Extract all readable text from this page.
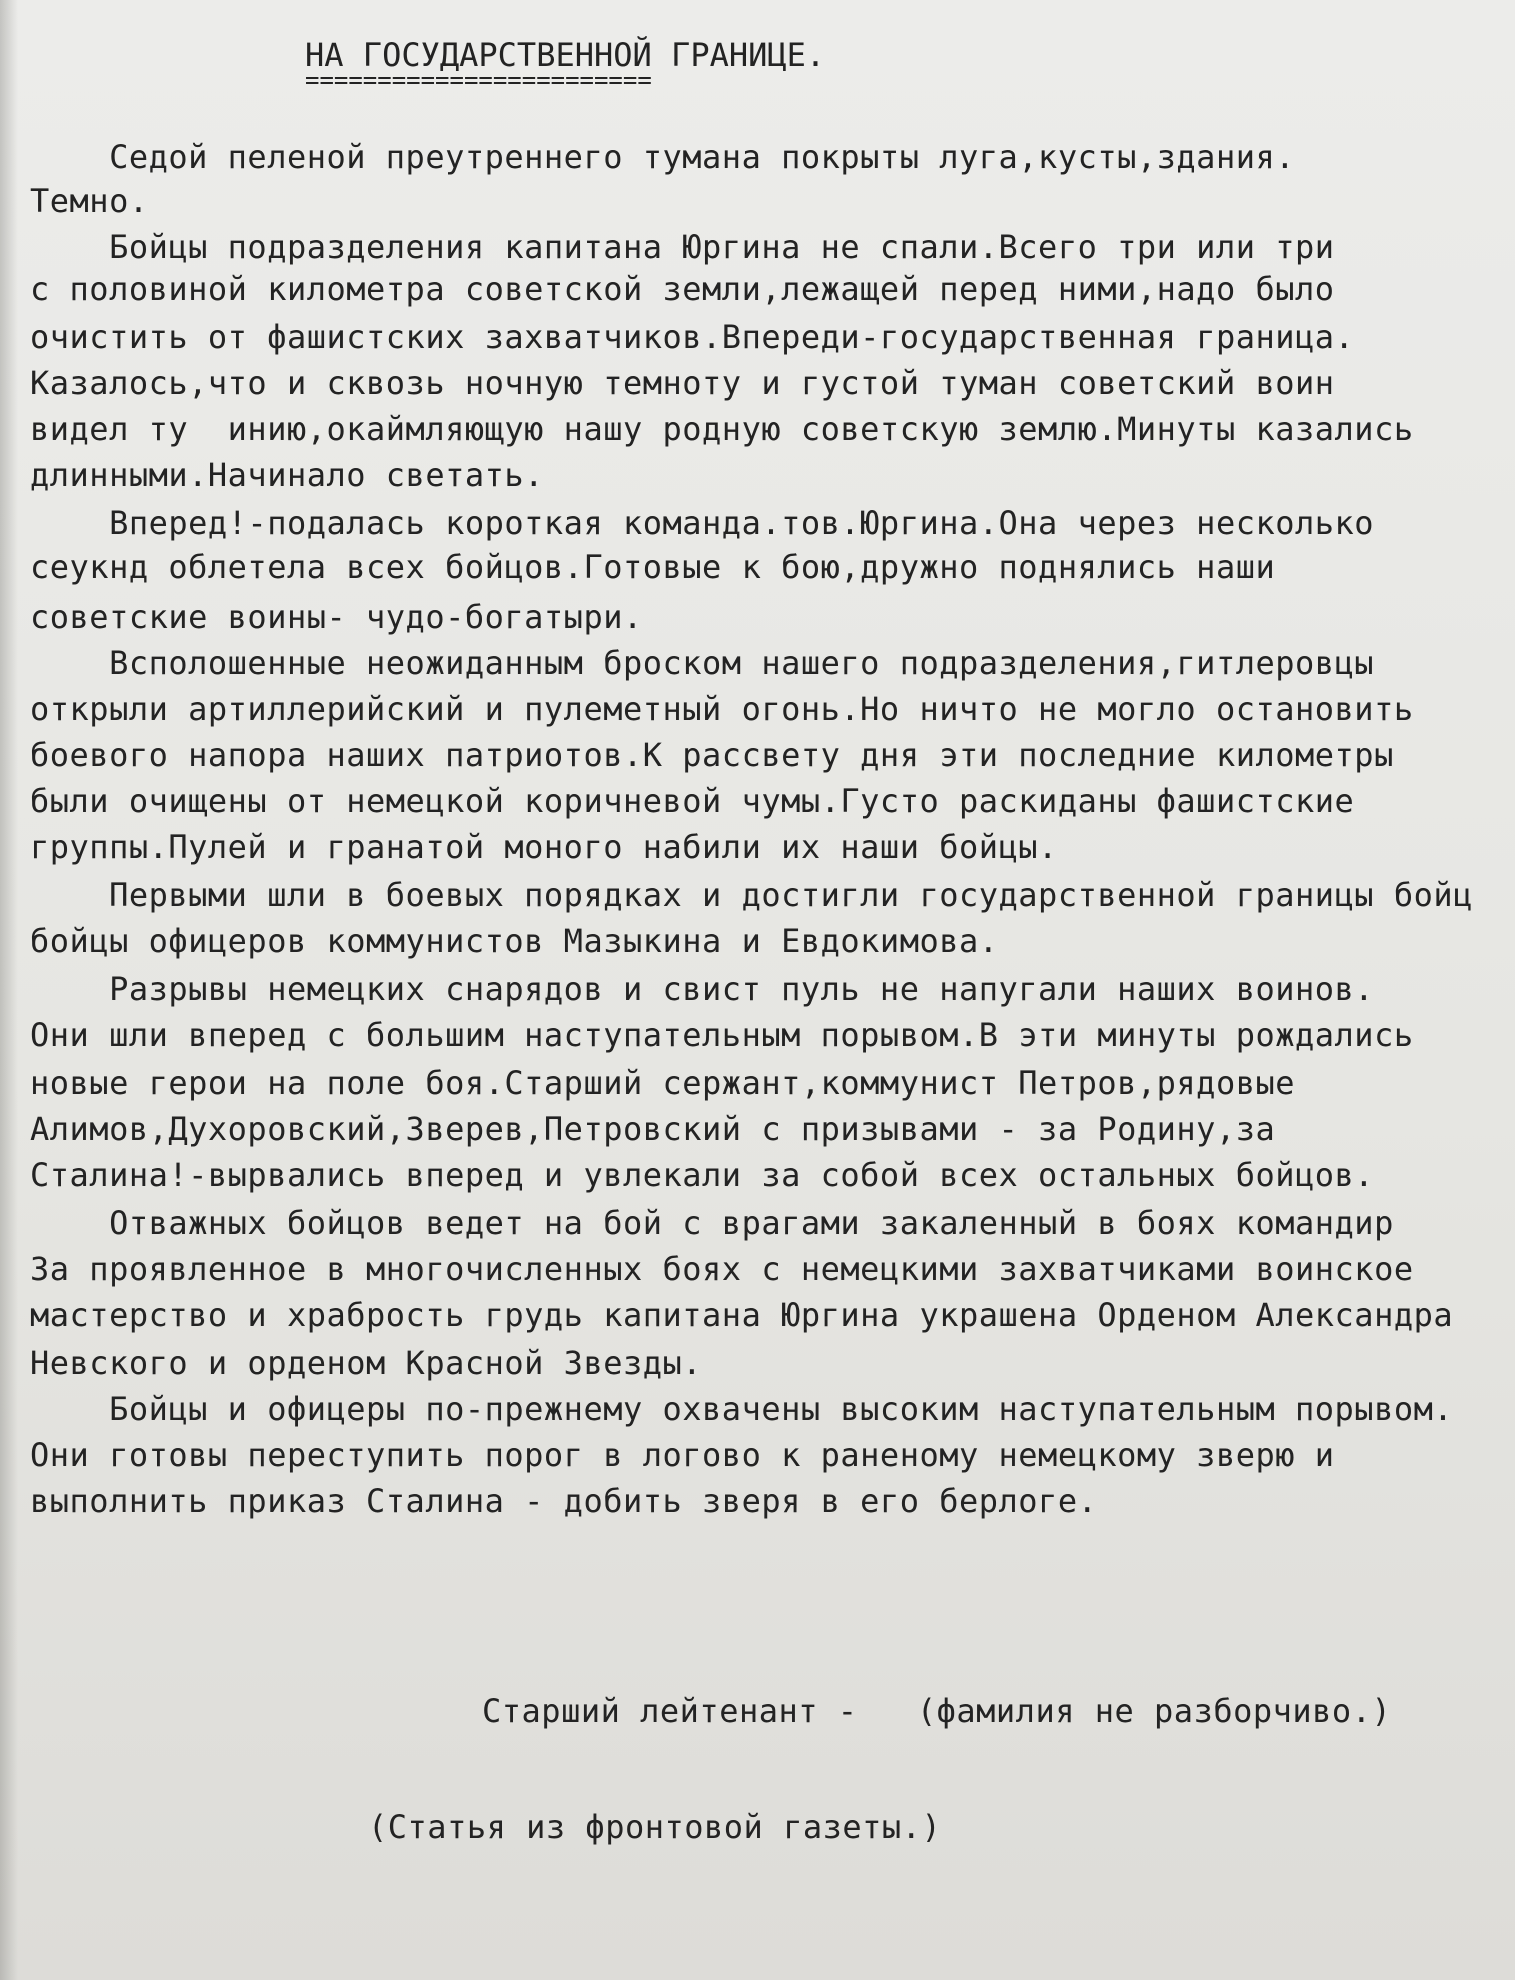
НА ГОСУДАРСТВЕННОЙ ГРАНИЦЕ.
========================
Седой пеленой преутреннего тумана покрыты луга,кусты,здания.
Темно.
Бойцы подразделения капитана Юргина не спали.Всего три или три
с половиной километра советской земли,лежащей перед ними,надо было
очистить от фашистских захватчиков.Впереди-государственная граница.
Казалось,что и сквозь ночную темноту и густой туман советский воин
видел ту  инию,окаймляющую нашу родную советскую землю.Минуты казались
длинными.Начинало светать.
Вперед!-подалась короткая команда.тов.Юргина.Она через несколько
сеукнд облетела всех бойцов.Готовые к бою,дружно поднялись наши
советские воины- чудо-богатыри.
Всполошенные неожиданным броском нашего подразделения,гитлеровцы
открыли артиллерийский и пулеметный огонь.Но ничто не могло остановить
боевого напора наших патриотов.К рассвету дня эти последние километры
были очищены от немецкой коричневой чумы.Густо раскиданы фашистские
группы.Пулей и гранатой моного набили их наши бойцы.
Первыми шли в боевых порядках и достигли государственной границы бойц
бойцы офицеров коммунистов Мазыкина и Евдокимова.
Разрывы немецких снарядов и свист пуль не напугали наших воинов.
Они шли вперед с большим наступательным порывом.В эти минуты рождались
новые герои на поле боя.Старший сержант,коммунист Петров,рядовые
Алимов,Духоровский,Зверев,Петровский с призывами - за Родину,за
Сталина!-вырвались вперед и увлекали за собой всех остальных бойцов.
Отважных бойцов ведет на бой с врагами закаленный в боях командир
За проявленное в многочисленных боях с немецкими захватчиками воинское
мастерство и храбрость грудь капитана Юргина украшена Орденом Александра
Невского и орденом Красной Звезды.
Бойцы и офицеры по-прежнему охвачены высоким наступательным порывом.
Они готовы переступить порог в логово к раненому немецкому зверю и
выполнить приказ Сталина - добить зверя в его берлоге.
Старший лейтенант -   (фамилия не разборчиво.)
(Статья из фронтовой газеты.)
